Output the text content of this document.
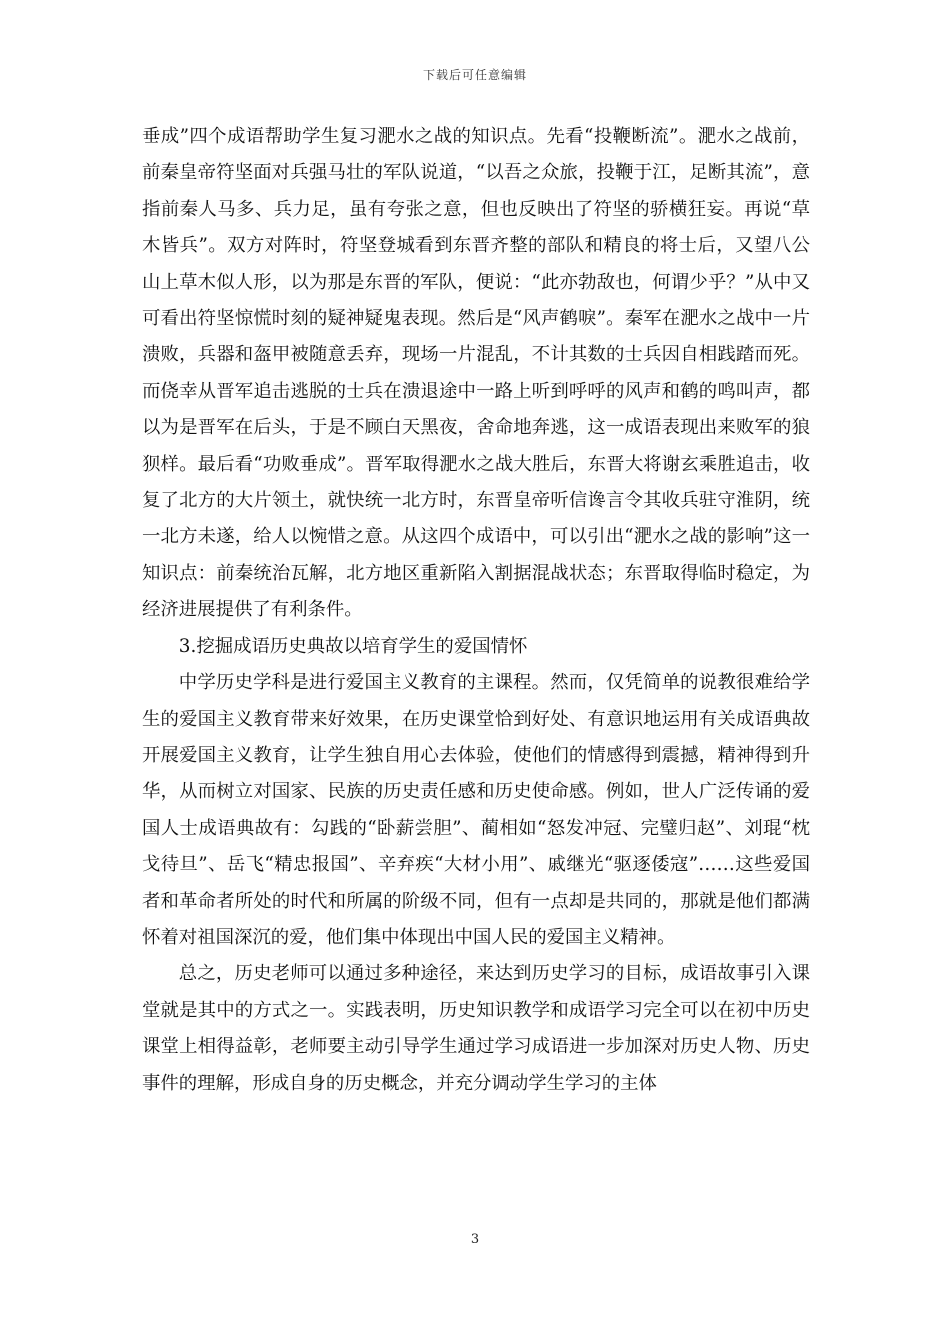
下载后可任意编辑

垂成”四个成语帮助学生复习淝水之战的知识点。先看“投鞭断流”。淝水之战前，前秦皇帝符坚面对兵强马壮的军队说道，“以吾之众旅，投鞭于江，足断其流”，意指前秦人马多、兵力足，虽有夸张之意，但也反映出了符坚的骄横狂妄。再说“草木皆兵”。双方对阵时，符坚登城看到东晋齐整的部队和精良的将士后，又望八公山上草木似人形，以为那是东晋的军队，便说：“此亦勃敌也，何谓少乎？”从中又可看出符坚惊慌时刻的疑神疑鬼表现。然后是“风声鹤唳”。秦军在淝水之战中一片溃败，兵器和盔甲被随意丢弃，现场一片混乱，不计其数的士兵因自相践踏而死。而侥幸从晋军追击逃脱的士兵在溃退途中一路上听到呼呼的风声和鹤的鸣叫声，都以为是晋军在后头，于是不顾白天黑夜，舍命地奔逃，这一成语表现出来败军的狼狈样。最后看“功败垂成”。晋军取得淝水之战大胜后，东晋大将谢玄乘胜追击，收复了北方的大片领土，就快统一北方时，东晋皇帝听信谗言令其收兵驻守淮阴，统一北方未遂，给人以惋惜之意。从这四个成语中，可以引出“淝水之战的影响”这一知识点：前秦统治瓦解，北方地区重新陷入割据混战状态；东晋取得临时稳定，为经济进展提供了有利条件。

3.挖掘成语历史典故以培育学生的爱国情怀

中学历史学科是进行爱国主义教育的主课程。然而，仅凭简单的说教很难给学生的爱国主义教育带来好效果，在历史课堂恰到好处、有意识地运用有关成语典故开展爱国主义教育，让学生独自用心去体验，使他们的情感得到震撼，精神得到升华，从而树立对国家、民族的历史责任感和历史使命感。例如，世人广泛传诵的爱国人士成语典故有：勾践的“卧薪尝胆”、蔺相如“怒发冲冠、完璧归赵”、刘琨“枕戈待旦”、岳飞“精忠报国”、辛弃疾“大材小用”、戚继光“驱逐倭寇”……这些爱国者和革命者所处的时代和所属的阶级不同，但有一点却是共同的，那就是他们都满怀着对祖国深沉的爱，他们集中体现出中国人民的爱国主义精神。

总之，历史老师可以通过多种途径，来达到历史学习的目标，成语故事引入课堂就是其中的方式之一。实践表明，历史知识教学和成语学习完全可以在初中历史课堂上相得益彰，老师要主动引导学生通过学习成语进一步加深对历史人物、历史事件的理解，形成自身的历史概念，并充分调动学生学习的主体

3
